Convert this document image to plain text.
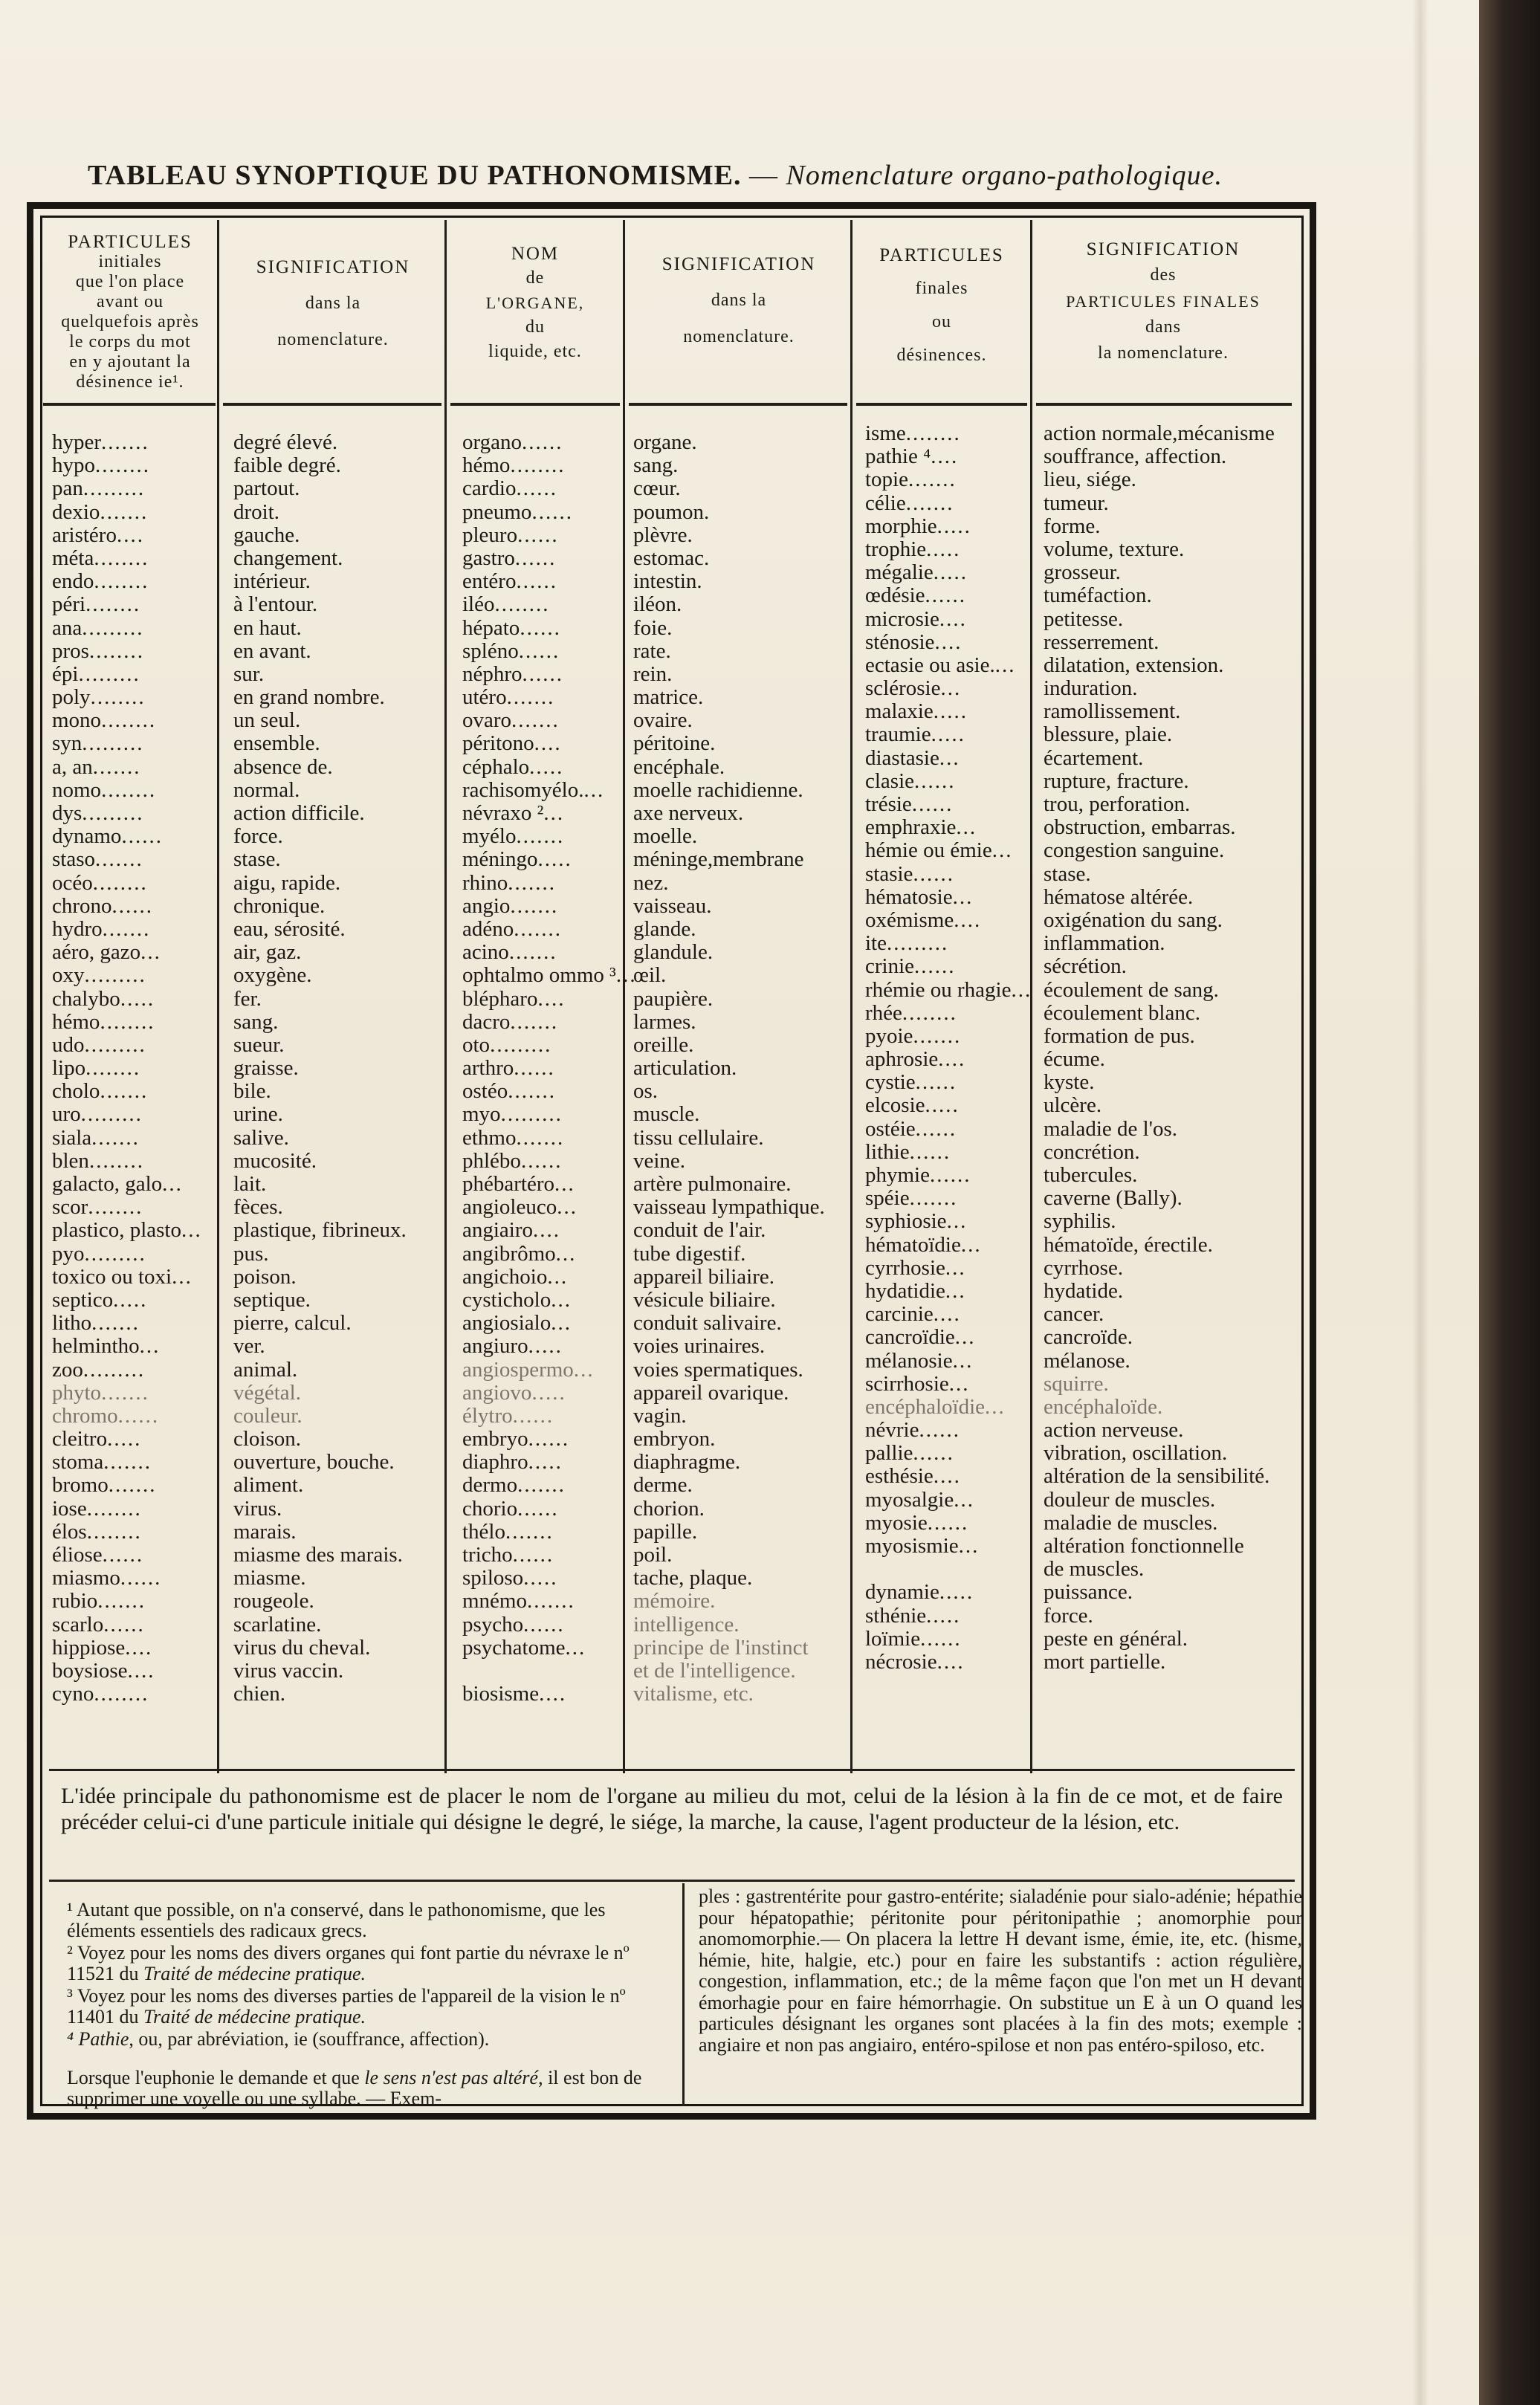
TABLEAU SYNOPTIQUE DU PATHONOMISME. — Nomenclature organo-pathologique.
PARTICULES
initiales
que l'on place
avant ou
quelquefois après
le corps du mot
en y ajoutant la
désinence ie¹.
SIGNIFICATION
dans la
nomenclature.
NOM
de
L'ORGANE,
du
liquide, etc.
SIGNIFICATION
dans la
nomenclature.
PARTICULES
finales
ou
désinences.
SIGNIFICATION
des
PARTICULES FINALES
dans
la nomenclature.
hyper.......
hypo........
pan.........
dexio.......
aristéro....
méta........
endo........
péri........
ana.........
pros........
épi.........
poly........
mono........
syn.........
a, an.......
nomo........
dys.........
dynamo......
staso.......
océo........
chrono......
hydro.......
aéro, gazo...
oxy.........
chalybo.....
hémo........
udo.........
lipo........
cholo.......
uro.........
siala.......
blen........
galacto, galo...
scor........
plastico, plasto...
pyo.........
toxico ou toxi...
septico.....
litho.......
helmintho...
zoo.........
phyto.......
chromo......
cleitro.....
stoma.......
bromo.......
iose........
élos........
éliose......
miasmo......
rubio.......
scarlo......
hippiose....
boysiose....
cyno........
degré élevé.
faible degré.
partout.
droit.
gauche.
changement.
intérieur.
à l'entour.
en haut.
en avant.
sur.
en grand nombre.
un seul.
ensemble.
absence de.
normal.
action difficile.
force.
stase.
aigu, rapide.
chronique.
eau, sérosité.
air, gaz.
oxygène.
fer.
sang.
sueur.
graisse.
bile.
urine.
salive.
mucosité.
lait.
fèces.
plastique, fibrineux.
pus.
poison.
septique.
pierre, calcul.
ver.
animal.
végétal.
couleur.
cloison.
ouverture, bouche.
aliment.
virus.
marais.
miasme des marais.
miasme.
rougeole.
scarlatine.
virus du cheval.
virus vaccin.
chien.
organo......
hémo........
cardio......
pneumo......
pleuro......
gastro......
entéro......
iléo........
hépato......
spléno......
néphro......
utéro.......
ovaro.......
péritono....
céphalo.....
rachisomyélo....
névraxo ²...
myélo.......
méningo.....
rhino.......
angio.......
adéno.......
acino.......
ophtalmo ommo ³...
blépharo....
dacro.......
oto.........
arthro......
ostéo.......
myo.........
ethmo.......
phlébo......
phébartéro...
angioleuco...
angiairo....
angibrômo...
angichoio...
cysticholo...
angiosialo...
angiuro.....
angiospermo...
angiovo.....
élytro......
embryo......
diaphro.....
dermo.......
chorio......
thélo.......
tricho......
spiloso.....
mnémo.......
psycho......
psychatome...
biosisme....
organe.
sang.
cœur.
poumon.
plèvre.
estomac.
intestin.
iléon.
foie.
rate.
rein.
matrice.
ovaire.
péritoine.
encéphale.
moelle rachidienne.
axe nerveux.
moelle.
méninge,membrane
nez.
vaisseau.
glande.
glandule.
œil.
paupière.
larmes.
oreille.
articulation.
os.
muscle.
tissu cellulaire.
veine.
artère pulmonaire.
vaisseau lympathique.
conduit de l'air.
tube digestif.
appareil biliaire.
vésicule biliaire.
conduit salivaire.
voies urinaires.
voies spermatiques.
appareil ovarique.
vagin.
embryon.
diaphragme.
derme.
chorion.
papille.
poil.
tache, plaque.
mémoire.
intelligence.
principe de l'instinct
et de l'intelligence.
vitalisme, etc.
isme........
pathie ⁴....
topie.......
célie.......
morphie.....
trophie.....
mégalie.....
œdésie......
microsie....
sténosie....
ectasie ou asie....
sclérosie...
malaxie.....
traumie.....
diastasie...
clasie......
trésie......
emphraxie...
hémie ou émie...
stasie......
hématosie...
oxémisme....
ite.........
crinie......
rhémie ou rhagie...
rhée........
pyoie.......
aphrosie....
cystie......
elcosie.....
ostéie......
lithie......
phymie......
spéie.......
syphiosie...
hématoïdie...
cyrrhosie...
hydatidie...
carcinie....
cancroïdie...
mélanosie...
scirrhosie...
encéphaloïdie...
névrie......
pallie......
esthésie....
myosalgie...
myosie......
myosismie...
dynamie.....
sthénie.....
loïmie......
nécrosie....
action normale,mécanisme
souffrance, affection.
lieu, siége.
tumeur.
forme.
volume, texture.
grosseur.
tuméfaction.
petitesse.
resserrement.
dilatation, extension.
induration.
ramollissement.
blessure, plaie.
écartement.
rupture, fracture.
trou, perforation.
obstruction, embarras.
congestion sanguine.
stase.
hématose altérée.
oxigénation du sang.
inflammation.
sécrétion.
écoulement de sang.
écoulement blanc.
formation de pus.
écume.
kyste.
ulcère.
maladie de l'os.
concrétion.
tubercules.
caverne (Bally).
syphilis.
hématoïde, érectile.
cyrrhose.
hydatide.
cancer.
cancroïde.
mélanose.
squirre.
encéphaloïde.
action nerveuse.
vibration, oscillation.
altération de la sensibilité.
douleur de muscles.
maladie de muscles.
altération fonctionnelle
de muscles.
puissance.
force.
peste en général.
mort partielle.
L'idée principale du pathonomisme est de placer le nom de l'organe au milieu du mot, celui de la lésion à la fin de ce mot, et de faire précéder celui-ci d'une particule initiale qui désigne le degré, le siége, la marche, la cause, l'agent producteur de la lésion, etc.

¹ Autant que possible, on n'a conservé, dans le pathonomisme, que les éléments essentiels des radicaux grecs.

² Voyez pour les noms des divers organes qui font partie du névraxe le nº 11521 du Traité de médecine pratique.

³ Voyez pour les noms des diverses parties de l'appareil de la vision le nº 11401 du Traité de médecine pratique.

⁴ Pathie, ou, par abréviation, ie (souffrance, affection).

Lorsque l'euphonie le demande et que le sens n'est pas altéré, il est bon de supprimer une voyelle ou une syllabe. — Exem-

ples : gastrentérite pour gastro-entérite; sialadénie pour sialo-adénie; hépathie pour hépatopathie; péritonite pour péritonipathie ; anomorphie pour anomomorphie.— On placera la lettre H devant isme, émie, ite, etc. (hisme, hémie, hite, halgie, etc.) pour en faire les substantifs : action régulière, congestion, inflammation, etc.; de la même façon que l'on met un H devant émorhagie pour en faire hémorrhagie. On substitue un E à un O quand les particules désignant les organes sont placées à la fin des mots; exemple : angiaire et non pas angiairo, entéro-spilose et non pas entéro-spiloso, etc.
